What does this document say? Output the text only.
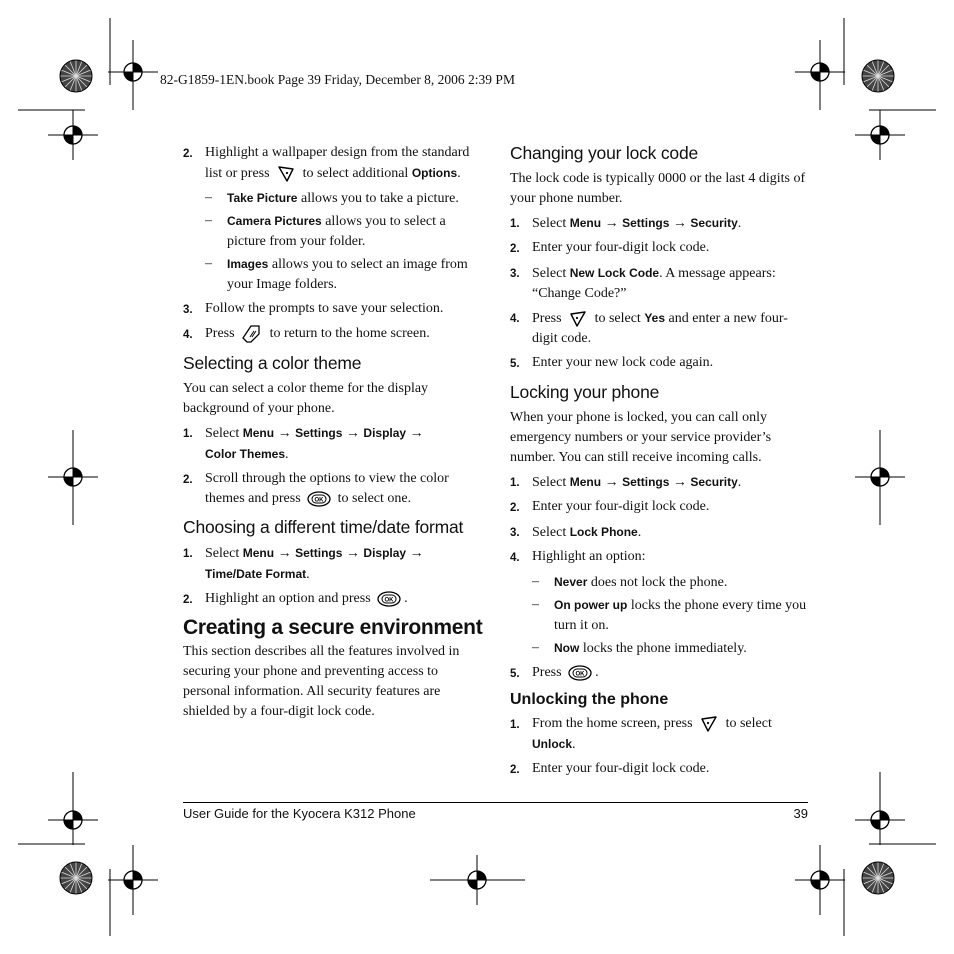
82-G1859-1EN.book Page 39 Friday, December 8, 2006 2:39 PM
2. Highlight a wallpaper design from the standard list or press to select additional Options.
–	Take Picture allows you to take a picture.
–	Camera Pictures allows you to select a picture from your folder.
–	Images allows you to select an image from your Image folders.
3. Follow the prompts to save your selection.
4. Press	to return to the home screen.
Selecting a color theme

You can select a color theme for the display background of your phone.

1. Select Menu → Settings → Display →
Color Themes.
2. Scroll through the options to view the color themes and press OK to select one.
Choosing a different time/date format
1. Select Menu → Settings → Display →
Time/Date Format.
2. Highlight an option and press OK .
Creating a secure environment

This section describes all the features involved in securing your phone and preventing access to personal information. All security features are shielded by a four-digit lock code.

Changing your lock code

The lock code is typically 0000 or the last 4 digits of your phone number.

1. Select Menu → Settings → Security.
2. Enter your four-digit lock code.
3. Select New Lock Code. A message appears: “Change Code?”
4. Press to select Yes and enter a new four-digit code.
5. Enter your new lock code again.
Locking your phone

When your phone is locked, you can call only emergency numbers or your service provider’s number. You can still receive incoming calls.

1. Select Menu → Settings → Security.
2. Enter your four-digit lock code.
3. Select Lock Phone.
4. Highlight an option:
–	Never does not lock the phone.
–	On power up locks the phone every time you turn it on.
–	Now locks the phone immediately.
5. Press OK .
Unlocking the phone
1. From the home screen, press to select Unlock.
2. Enter your four-digit lock code.
User Guide for the Kyocera K312 Phone	39
